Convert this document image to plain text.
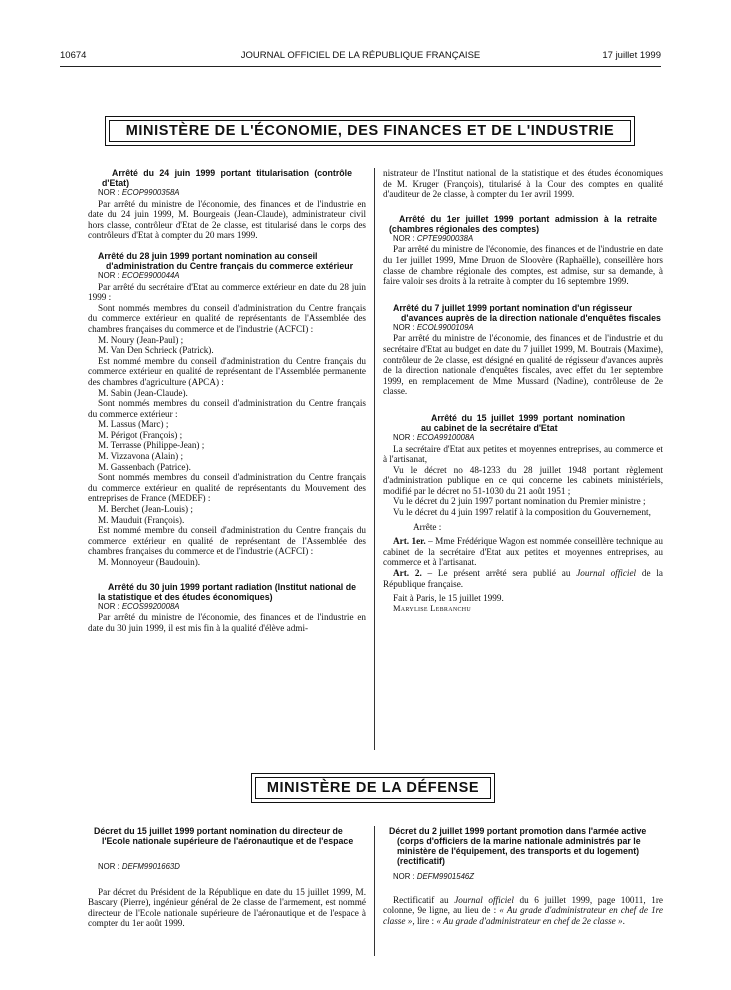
10674	JOURNAL OFFICIEL DE LA RÉPUBLIQUE FRANÇAISE	17 juillet 1999
MINISTÈRE DE L'ÉCONOMIE, DES FINANCES ET DE L'INDUSTRIE

Arrêté du 24 juin 1999 portant titularisation (contrôle d'Etat)

NOR : ECOP9900358A

Par arrêté du ministre de l'économie, des finances et de l'industrie en date du 24 juin 1999, M. Bourgeais (Jean-Claude), administrateur civil hors classe, contrôleur d'Etat de 2e classe, est titularisé dans le corps des contrôleurs d'Etat à compter du 20 mars 1999.

Arrêté du 28 juin 1999 portant nomination au conseil d'administration du Centre français du commerce extérieur

NOR : ECOE9900044A

Par arrêté du secrétaire d'Etat au commerce extérieur en date du 28 juin 1999 :

Sont nommés membres du conseil d'administration du Centre français du commerce extérieur en qualité de représentants de l'Assemblée des chambres françaises du commerce et de l'industrie (ACFCI) :

M. Noury (Jean-Paul) ;

M. Van Den Schrieck (Patrick).

Est nommé membre du conseil d'administration du Centre français du commerce extérieur en qualité de représentant de l'Assemblée permanente des chambres d'agriculture (APCA) :

M. Sabin (Jean-Claude).

Sont nommés membres du conseil d'administration du Centre français du commerce extérieur :

M. Lassus (Marc) ;

M. Périgot (François) ;

M. Terrasse (Philippe-Jean) ;

M. Vizzavona (Alain) ;

M. Gassenbach (Patrice).

Sont nommés membres du conseil d'administration du Centre français du commerce extérieur en qualité de représentants du Mouvement des entreprises de France (MEDEF) :

M. Berchet (Jean-Louis) ;

M. Mauduit (François).

Est nommé membre du conseil d'administration du Centre français du commerce extérieur en qualité de représentant de l'Assemblée des chambres françaises du commerce et de l'industrie (ACFCI) :

M. Monnoyeur (Baudouin).

Arrêté du 30 juin 1999 portant radiation (Institut national de la statistique et des études économiques)

NOR : ECOS9920008A

Par arrêté du ministre de l'économie, des finances et de l'industrie en date du 30 juin 1999, il est mis fin à la qualité d'élève admi-

nistrateur de l'Institut national de la statistique et des études économiques de M. Kruger (François), titularisé à la Cour des comptes en qualité d'auditeur de 2e classe, à compter du 1er avril 1999.

Arrêté du 1er juillet 1999 portant admission à la retraite (chambres régionales des comptes)

NOR : CPTE9900038A

Par arrêté du ministre de l'économie, des finances et de l'industrie en date du 1er juillet 1999, Mme Druon de Sloovère (Raphaëlle), conseillère hors classe de chambre régionale des comptes, est admise, sur sa demande, à faire valoir ses droits à la retraite à compter du 16 septembre 1999.

Arrêté du 7 juillet 1999 portant nomination d'un régisseur d'avances auprès de la direction nationale d'enquêtes fiscales

NOR : ECOL9900109A

Par arrêté du ministre de l'économie, des finances et de l'industrie et du secrétaire d'Etat au budget en date du 7 juillet 1999, M. Boutrais (Maxime), contrôleur de 2e classe, est désigné en qualité de régisseur d'avances auprès de la direction nationale d'enquêtes fiscales, avec effet du 1er septembre 1999, en remplacement de Mme Mussard (Nadine), contrôleuse de 2e classe.

Arrêté du 15 juillet 1999 portant nomination au cabinet de la secrétaire d'Etat

NOR : ECOA9910008A

La secrétaire d'Etat aux petites et moyennes entreprises, au commerce et à l'artisanat,

Vu le décret no 48-1233 du 28 juillet 1948 portant règlement d'administration publique en ce qui concerne les cabinets ministériels, modifié par le décret no 51-1030 du 21 août 1951 ;

Vu le décret du 2 juin 1997 portant nomination du Premier ministre ;

Vu le décret du 4 juin 1997 relatif à la composition du Gouvernement,

Arrête :

Art. 1er. – Mme Frédérique Wagon est nommée conseillère technique au cabinet de la secrétaire d'Etat aux petites et moyennes entreprises, au commerce et à l'artisanat.

Art. 2. – Le présent arrêté sera publié au Journal officiel de la République française.

Fait à Paris, le 15 juillet 1999.

Marylise Lebranchu

MINISTÈRE DE LA DÉFENSE

Décret du 15 juillet 1999 portant nomination du directeur de l'Ecole nationale supérieure de l'aéronautique et de l'espace

NOR : DEFM9901663D

Par décret du Président de la République en date du 15 juillet 1999, M. Bascary (Pierre), ingénieur général de 2e classe de l'armement, est nommé directeur de l'Ecole nationale supérieure de l'aéronautique et de l'espace à compter du 1er août 1999.

Décret du 2 juillet 1999 portant promotion dans l'armée active (corps d'officiers de la marine nationale administrés par le ministère de l'équipement, des transports et du logement) (rectificatif)

NOR : DEFM9901546Z

Rectificatif au Journal officiel du 6 juillet 1999, page 10011, 1re colonne, 9e ligne, au lieu de : « Au grade d'administrateur en chef de 1re classe », lire : « Au grade d'administrateur en chef de 2e classe ».
